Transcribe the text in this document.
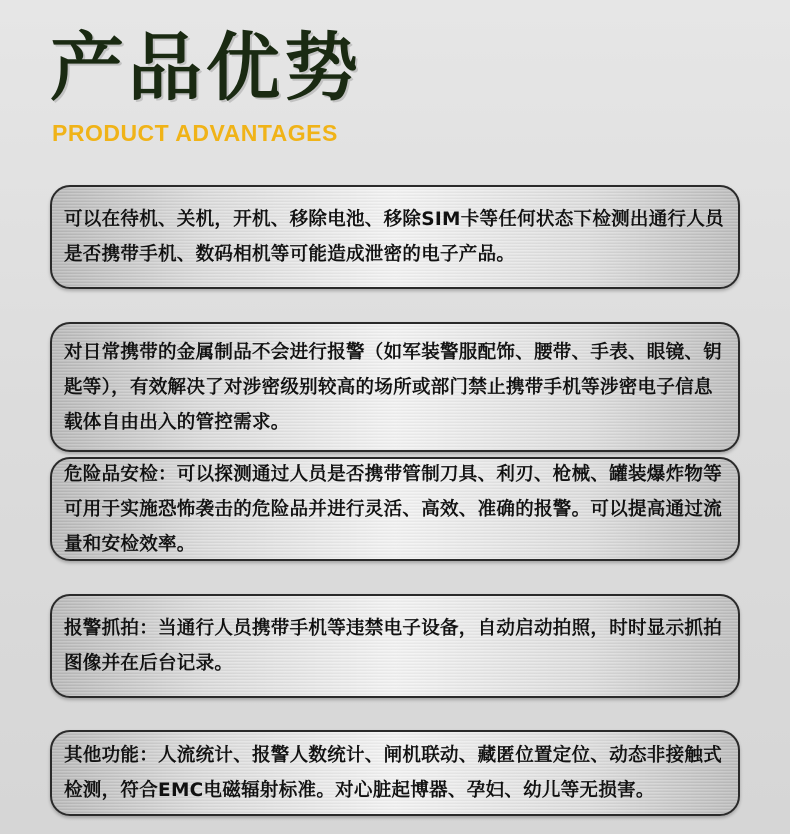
产品优势
PRODUCT ADVANTAGES

可以在待机、关机，开机、移除电池、移除SIM卡等任何状态下检测出通行人员是否携带手机、数码相机等可能造成泄密的电子产品。

对日常携带的金属制品不会进行报警（如军装警服配饰、腰带、手表、眼镜、钥匙等），有效解决了对涉密级别较高的场所或部门禁止携带手机等涉密电子信息载体自由出入的管控需求。

危险品安检：可以探测通过人员是否携带管制刀具、利刃、枪械、罐装爆炸物等可用于实施恐怖袭击的危险品并进行灵活、高效、准确的报警。可以提高通过流量和安检效率。

报警抓拍：当通行人员携带手机等违禁电子设备，自动启动拍照，时时显示抓拍图像并在后台记录。

其他功能：人流统计、报警人数统计、闸机联动、藏匿位置定位、动态非接触式检测，符合EMC电磁辐射标准。对心脏起博器、孕妇、幼儿等无损害。
